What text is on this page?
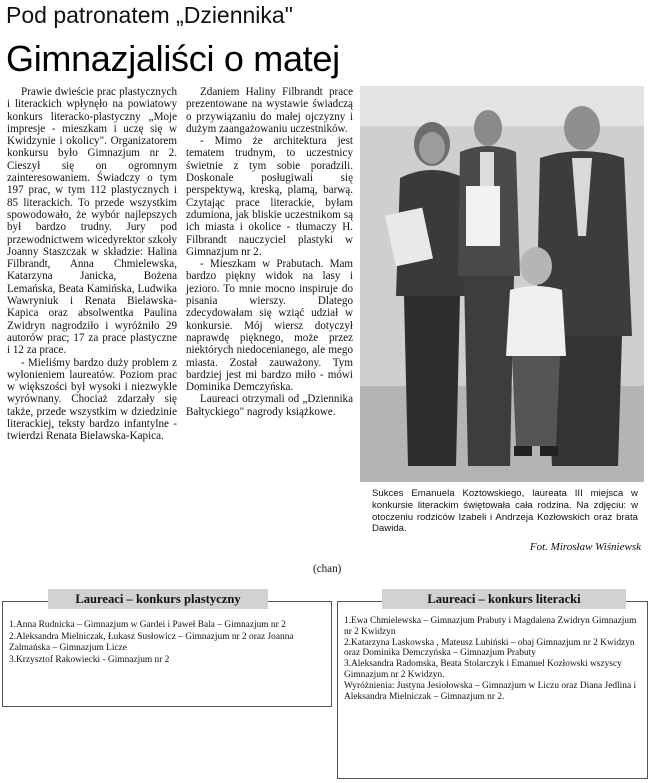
Pod patronatem „Dziennika"
Gimnazjaliści o matej

Prawie dwieście prac plastycznych i literackich wpłynęło na powiatowy konkurs literacko-plastyczny „Moje impresje - mieszkam i uczę się w Kwidzynie i okolicy". Organizatorem konkursu było Gimnazjum nr 2. Cieszył się on ogromnym zainteresowaniem. Świadczy o tym 197 prac, w tym 112 plastycznych i 85 literackich. To przede wszystkim spowodowało, że wybór najlepszych był bardzo trudny. Jury pod przewodnictwem wicedyrektor szkoły Joanny Staszczak w składzie: Halina Filbrandt, Anna Chmielewska, Katarzyna Janicka, Bożena Lemańska, Beata Kamińska, Ludwika Wawryniuk i Renata Bielawska-Kapica oraz absolwentka Paulina Zwidryn nagrodziło i wyróżniło 29 autorów prac; 17 za prace plastyczne i 12 za prace.

- Mieliśmy bardzo duży problem z wyłonieniem laureatów. Poziom prac w większości był wysoki i niezwykle wyrównany. Chociaż zdarzały się także, przede wszystkim w dziedzinie literackiej, teksty bardzo infantylne - twierdzi Renata Bielawska-Kapica.

Zdaniem Haliny Filbrandt prace prezentowane na wystawie świadczą o przywiązaniu do małej ojczyzny i dużym zaangażowaniu uczestników.

- Mimo że architektura jest tematem trudnym, to uczestnicy świetnie z tym sobie poradzili. Doskonale posługiwali się perspektywą, kreską, plamą, barwą. Czytając prace literackie, byłam zdumiona, jak bliskie uczestnikom są ich miasta i okolice - tłumaczy H. Filbrandt nauczyciel plastyki w Gimnazjum nr 2.

- Mieszkam w Prabutach. Mam bardzo piękny widok na lasy i jezioro. To mnie mocno inspiruje do pisania wierszy. Dlatego zdecydowałam się wziąć udział w konkursie. Mój wiersz dotyczył naprawdę pięknego, może przez niektórych niedocenianego, ale mego miasta. Został zauważony. Tym bardziej jest mi bardzo miło - mówi Dominika Demczyńska.

Laureaci otrzymali od „Dziennika Bałtyckiego" nagrody książkowe.

Sukces Emanuela Koztowskiego, laureata III miejsca w konkursie literackim świętowała cała rodzina. Na zdjęciu: w otoczeniu rodziców Izabeli i Andrzeja Kozłowskich oraz brata Dawida.
Fot. Mirosław Wiśniewsk
(chan)
1.Anna Rudnicka – Gimnazjum w Gardei i Paweł Bala – Gimnazjum nr 2
2.Aleksandra Mielniczak, Łukasz Susłowicz – Gimnazjum nr 2 oraz Joanna Zalmańska – Gimnazjum Licze
3.Krzysztof Rakowiecki - Gimnazjum nr 2
Laureaci – konkurs plastyczny
1.Ewa Chmielewska – Gimnazjum Prabuty i Magdalena Zwidryn Gimnazjum nr 2 Kwidzyn
2.Katarzyna Laskowska , Mateusz Lubiński – obaj Gimnazjum nr 2 Kwidzyn oraz Dominika Demczyńska – Gimnazjum Prabuty
3.Aleksandra Radomska, Beata Stolarczyk i Emanuel Kozłowski wszyscy Gimnazjum nr 2 Kwidzyn.
Wyróżnienia: Justyna Jesiołowska – Gimnazjum w Liczu oraz Diana Jedlina i Aleksandra Mielniczak – Gimnazjum nr 2.
Laureaci – konkurs literacki
